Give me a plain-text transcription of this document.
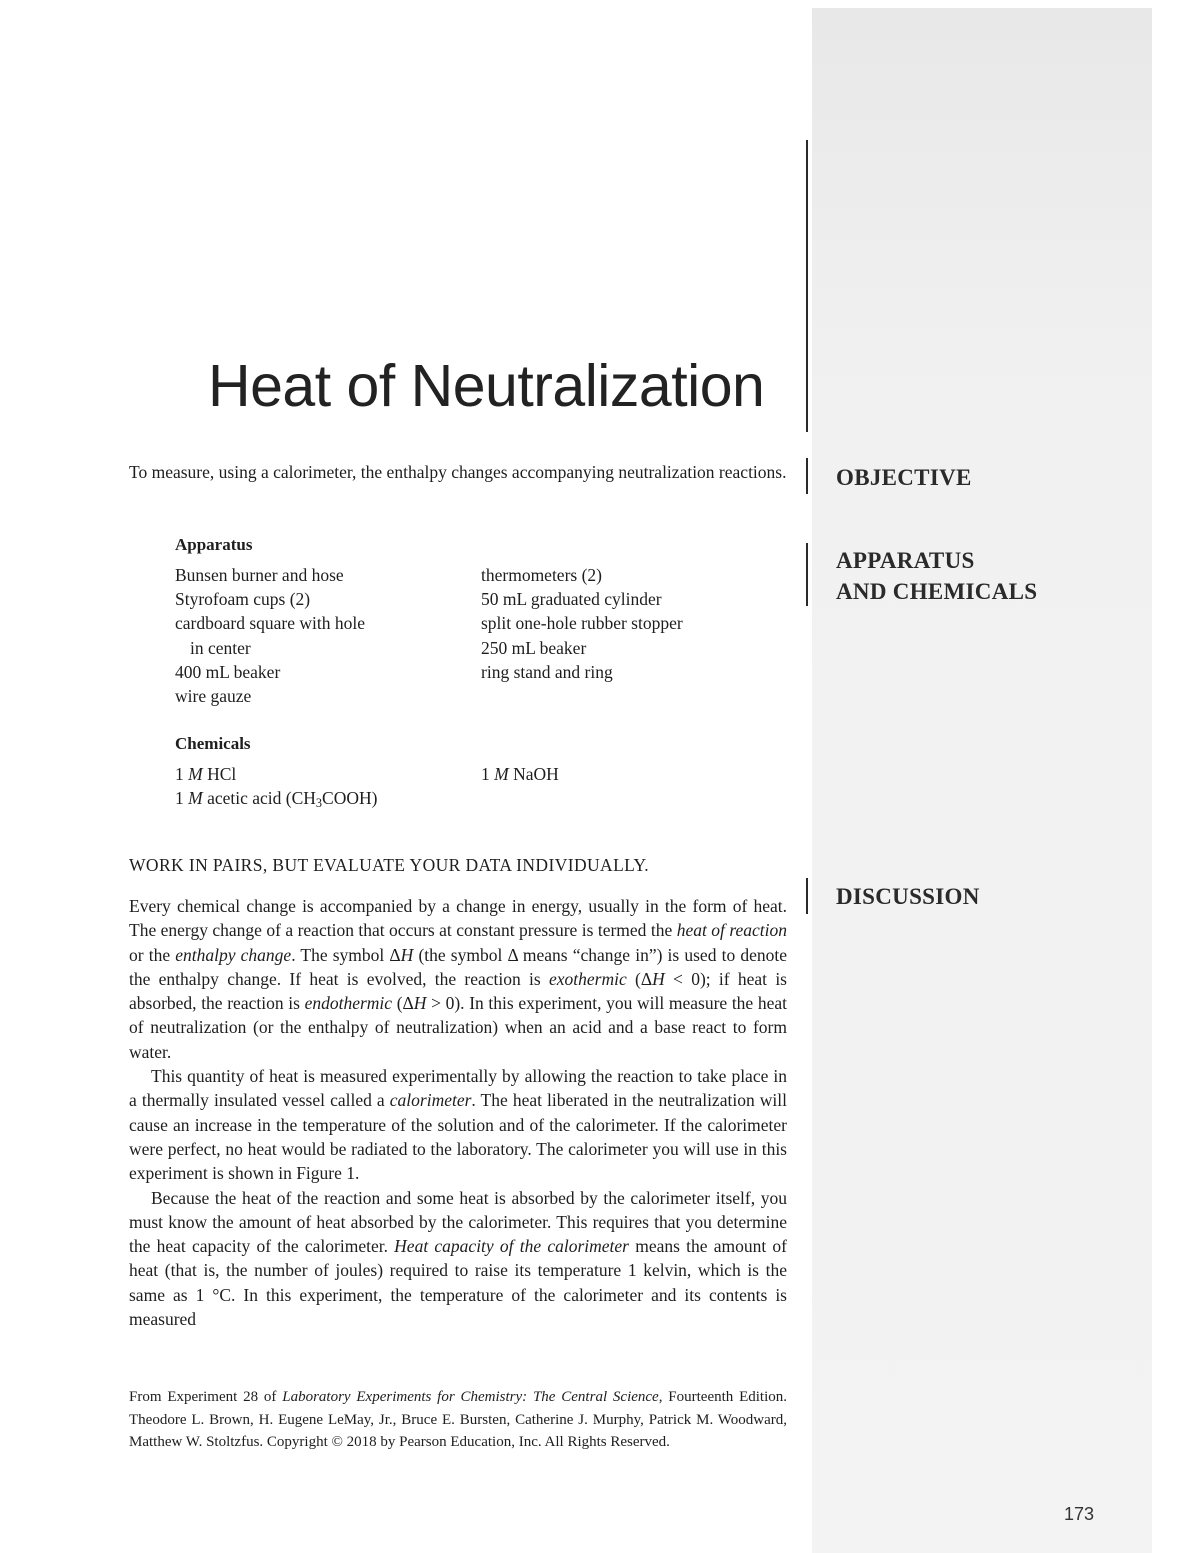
Heat of Neutralization
OBJECTIVE
APPARATUS
AND CHEMICALS
DISCUSSION

To measure, using a calorimeter, the enthalpy changes accompanying neutralization reactions.

Apparatus
Bunsen burner and hose
Styrofoam cups (2)
cardboard square with hole
in center
400 mL beaker
wire gauze
thermometers (2)
50 mL graduated cylinder
split one-hole rubber stopper
250 mL beaker
ring stand and ring
Chemicals
1 M HCl
1 M acetic acid $(CH_3COOH)$
1 M NaOH

WORK IN PAIRS, BUT EVALUATE YOUR DATA INDIVIDUALLY.

Every chemical change is accompanied by a change in energy, usually in the form of heat. The energy change of a reaction that occurs at constant pressure is termed the heat of reaction or the enthalpy change. The symbol ΔH (the symbol Δ means “change in”) is used to denote the enthalpy change. If heat is evolved, the reaction is exothermic (ΔH < 0); if heat is absorbed, the reaction is endothermic (ΔH > 0). In this experiment, you will measure the heat of neutralization (or the enthalpy of neutralization) when an acid and a base react to form water.

This quantity of heat is measured experimentally by allowing the reaction to take place in a thermally insulated vessel called a calorimeter. The heat liberated in the neutralization will cause an increase in the temperature of the solution and of the calorimeter. If the calorimeter were perfect, no heat would be radiated to the laboratory. The calorimeter you will use in this experiment is shown in Figure 1.

Because the heat of the reaction and some heat is absorbed by the calorimeter itself, you must know the amount of heat absorbed by the calorimeter. This requires that you determine the heat capacity of the calorimeter. Heat capacity of the calorimeter means the amount of heat (that is, the number of joules) required to raise its temperature 1 kelvin, which is the same as 1 °C. In this experiment, the temperature of the calorimeter and its contents is measured

From Experiment 28 of Laboratory Experiments for Chemistry: The Central Science, Fourteenth Edition. Theodore L. Brown, H. Eugene LeMay, Jr., Bruce E. Bursten, Catherine J. Murphy, Patrick M. Woodward, Matthew W. Stoltzfus. Copyright © 2018 by Pearson Education, Inc. All Rights Reserved.

173
